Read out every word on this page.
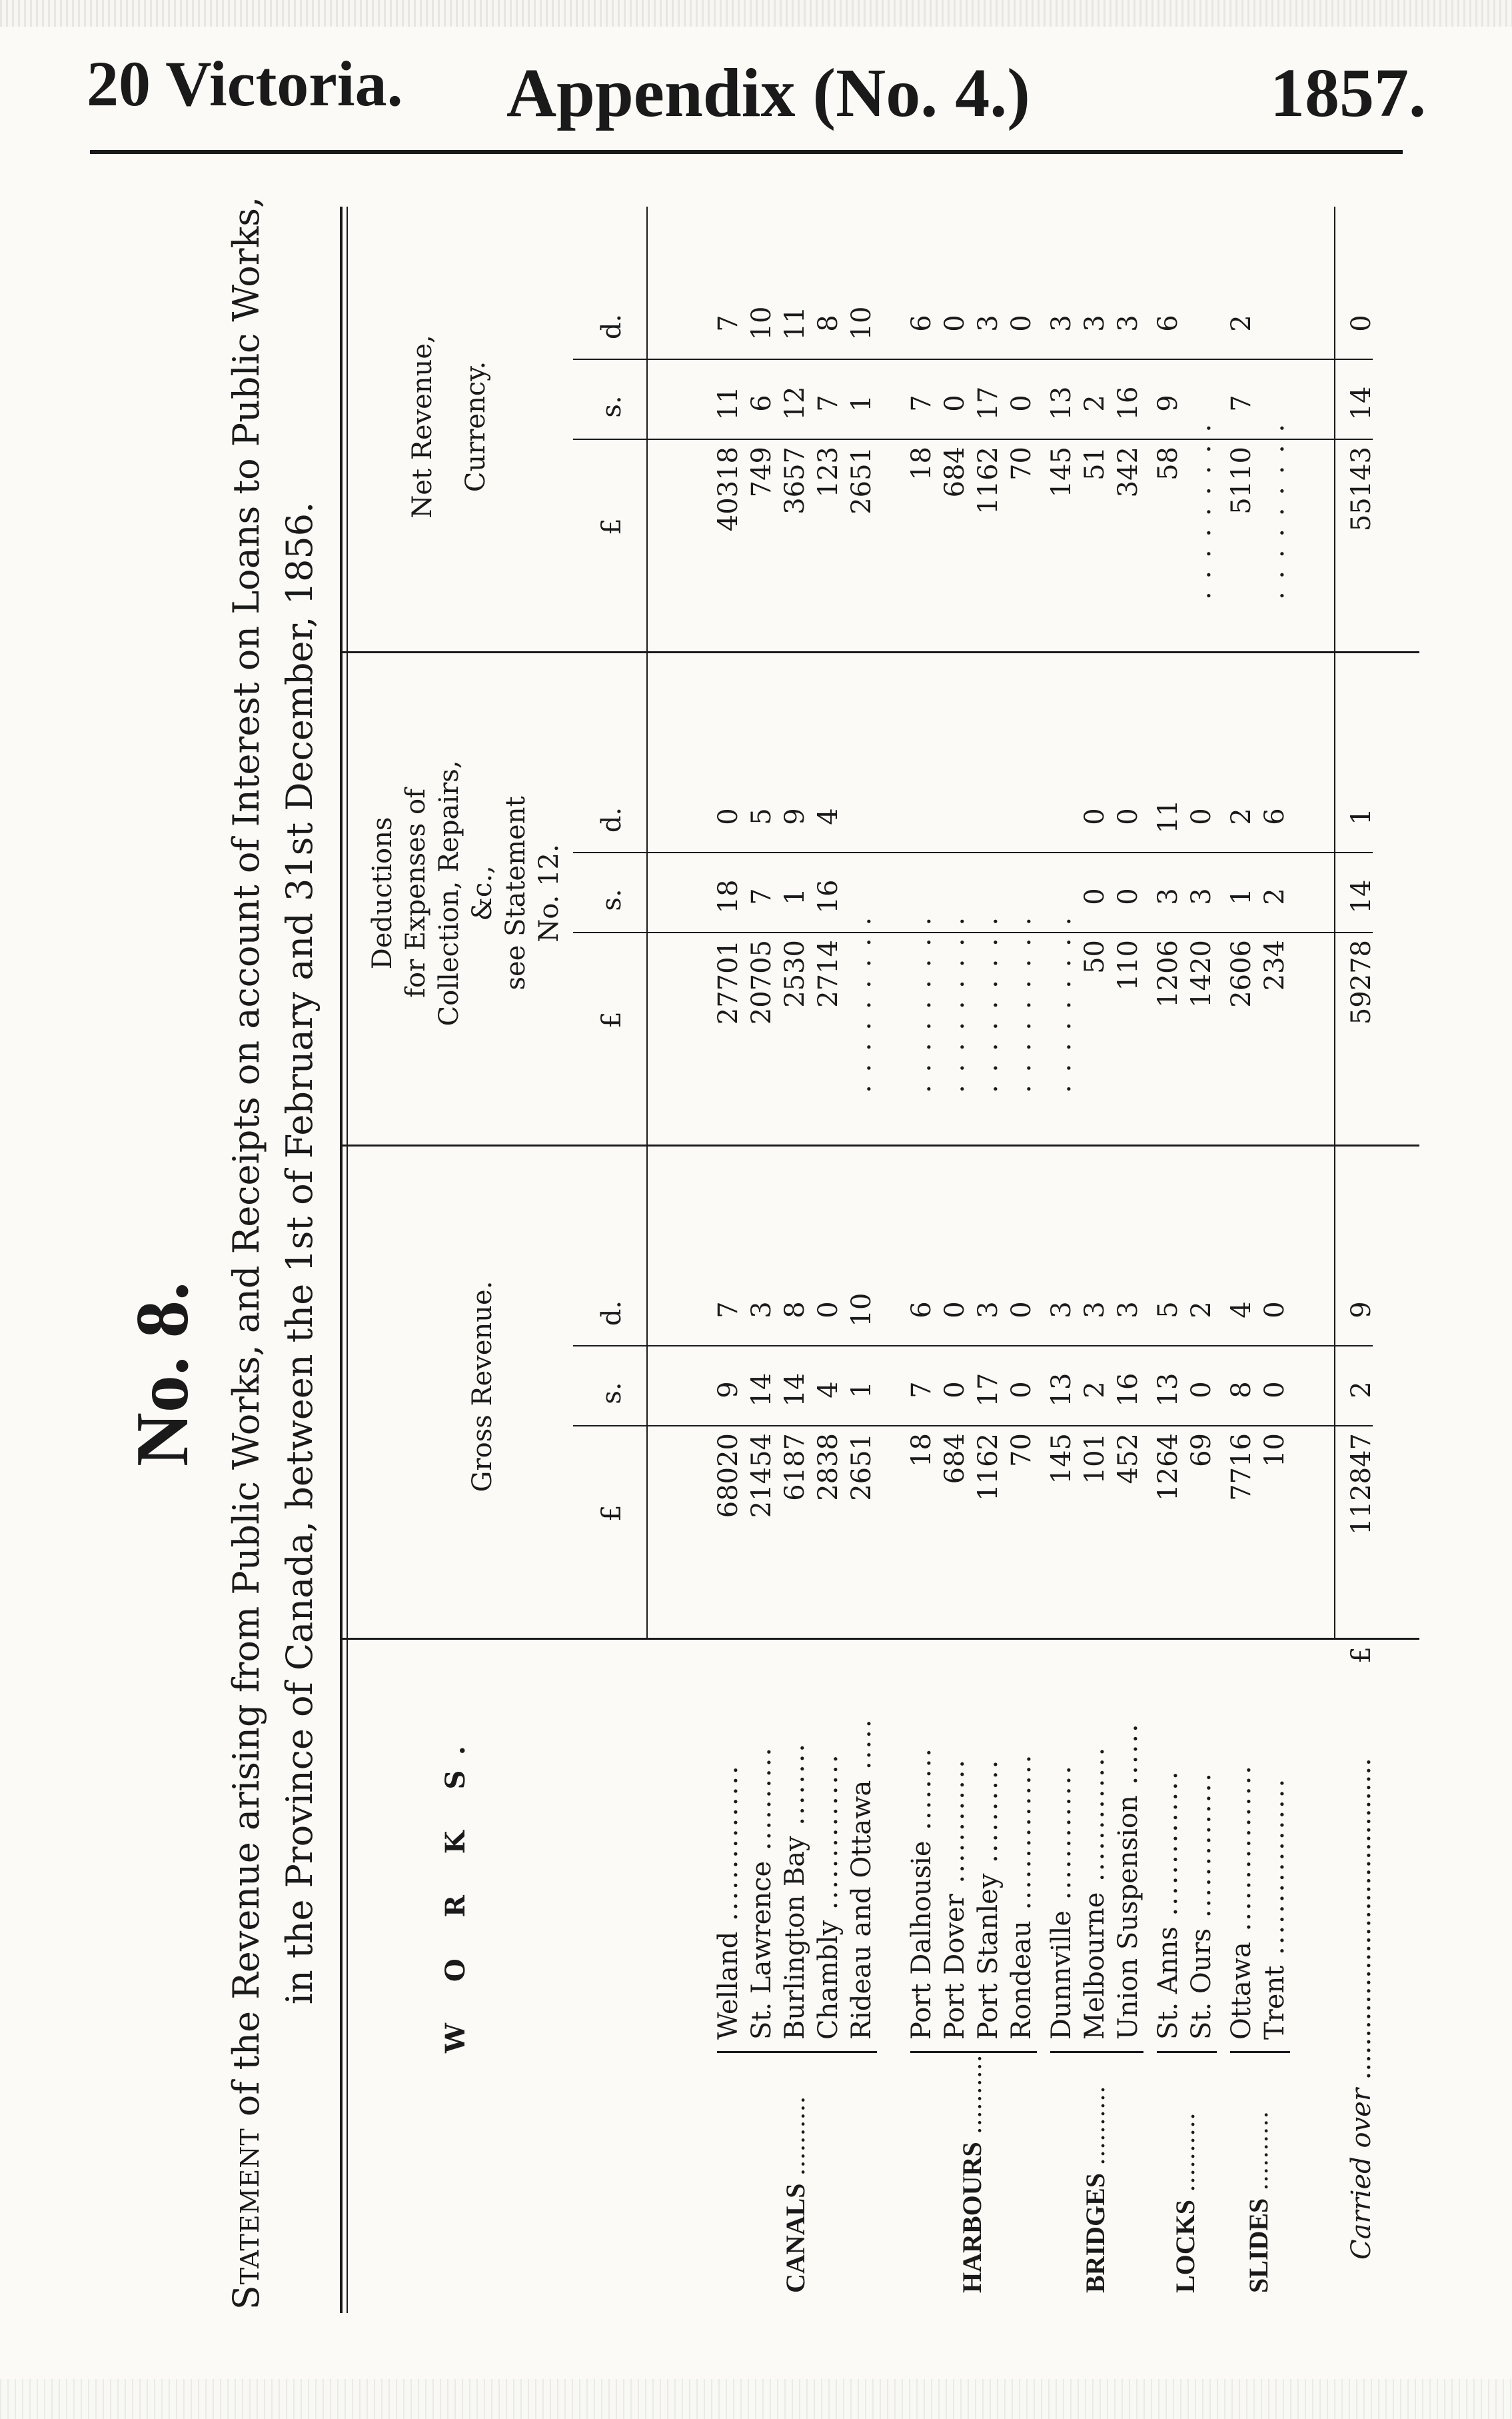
20 Victoria. Appendix (No. 4.)	1857.
No. 8.
Statement of the Revenue arising from Public Works, and Receipts on account of Interest on Loans to Public Works, in the Province of Canada, between the 1st of February and 31st December, 1856.	W O R K S.
Gross Revenue.
Deductions for Expenses of Collection, Repairs, &c., see Statement No. 12.
Net Revenue, Currency.
£
s.
d.
£
s.
d.
£
s.
d.
CANALS ..........
Welland ...............
68020
9
7
27701
18
0
40318
11
7
St. Lawrence ..........
21454
14
3
20705
7
5
749
6
10
Burlington Bay ........
6187
14
8
2530
1
9
3657
12
11
Chambly ...............
2838
4
0
2714
16
4
123
7
8
Rideau and Ottawa .....
2651
1
10
. . . . . . . . .
2651
1
10
HARBOURS ..........
Port Dalhousie ........
18
7
6
. . . . . . . . .
18
7
6
Port Dover ............
684
0
0
. . . . . . . . .
684
0
0
Port Stanley ..........
1162
17
3
. . . . . . . . .
1162
17
3
Rondeau ...............
70
0
0
. . . . . . . . .
70
0
0
BRIDGES ..........
Dunnville .............
145
13
3
. . . . . . . . .
145
13
3
Melbourne .............
101
2
3
50
0
0
51
2
3
Union Suspension ......
452
16
3
110
0
0
342
16
3
LOCKS ..........
St. Anns ..............
1264
13
5
1206
3
11
58
9
6
St. Ours ..............
69
0
2
1420
3
0
. . . . . . . . .
SLIDES ..........
Ottawa ................
7716
8
4
2606
1
2
5110
7
2
Trent .................
10
0
0
234
2
6
. . . . . . . . .
Carried over ......................................
£
112847
2
9
59278
14
1
55143
14
0
